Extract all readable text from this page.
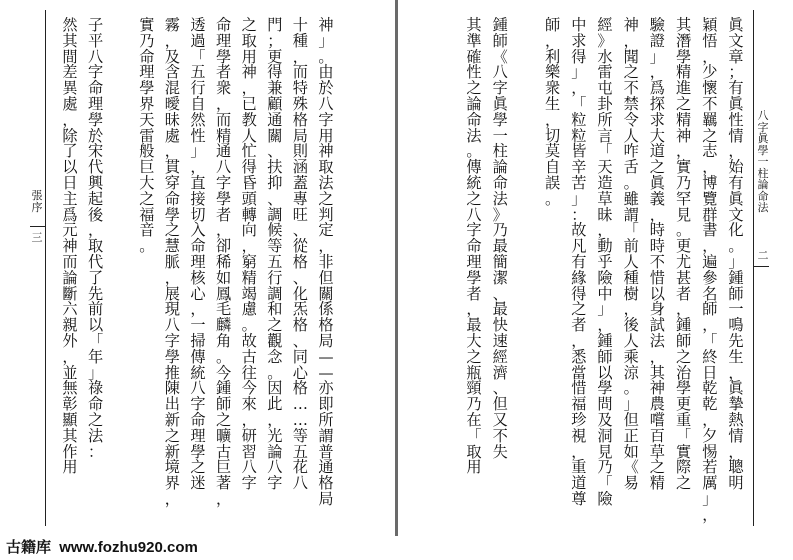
張
序
三
神
」
。
由
於
八
字
用
神
取
法
之
判
定
，
非
但
關
係
格
局
十
種
，
而
特
殊
格
局
則
涵
蓋
專
旺
、
從
格
、
化
炁
格
、
同
心
格
…
…
等
五
花
八
門
；
更
得
兼
顧
通
關
、
扶
抑
、
調
候
等
五
行
調
和
之
觀
念
。
因
此
，
光
論
八
字
之
取
用
神
，
已
教
人
忙
得
昏
頭
轉
向
，
窮
精
竭
慮
。
故
古
往
今
來
，
研
習
八
字
命
理
學
者
衆
，
而
精
通
八
字
學
者
，
卻
稀
如
鳳
毛
麟
角
。
今
鍾
師
之
曠
古
巨
著
，
透
過
「
五
行
自
然
性
」
，
直
接
切
入
命
理
核
心
，
一
掃
傳
統
八
字
命
理
學
之
迷
霧
，
及
含
混
曖
昧
處
，
貫
穿
命
學
之
慧
脈
，
展
現
八
字
學
推
陳
出
新
之
新
境
界
，
實
乃
命
理
學
界
天
雷
般
巨
大
之
福
音
。
子
平
八
字
命
理
學
於
宋
代
興
起
後
，
取
代
了
先
前
以
「
年
」
祿
命
之
法
：
然
其
間
差
異
處
，
除
了
以
日
主
爲
元
神
而
論
斷
六
親
外
，
並
無
彰
顯
其
作
用
—
—
亦
即
所
謂
普
通
格
局
八
字
眞
學
一
柱
論
命
法
二
眞
文
章
；
有
眞
性
情
，
始
有
眞
文
化
。
」
鍾
師
一
鳴
先
生
，
眞
摯
熱
情
，
聰
明
穎
悟
，
少
懷
不
羈
之
志
，
博
覽
群
書
，
遍
參
名
師
，
「
終
日
乾
乾
，
夕
惕
若
厲
」
，
其
潛
學
精
進
之
精
神
，
實
乃
罕
見
。
更
尤
甚
者
，
鍾
師
之
治
學
更
重
「
實
際
之
驗
證
」
，
爲
探
求
大
道
之
眞
義
，
時
時
不
惜
以
身
試
法
，
其
神
農
嚐
百
草
之
精
神
，
聞
之
不
禁
令
人
咋
舌
。
雖
謂
「
前
人
種
樹
，
後
人
乘
涼
。
」
但
正
如
《
易
經
》
水
雷
屯
卦
所
言
「
天
造
草
昧
，
動
乎
險
中
」
，
鍾
師
以
學
問
及
洞
見
乃
「
險
中
求
得
」
，
「
粒
粒
皆
辛
苦
」
：
故
凡
有
緣
得
之
者
，
悉
當
惜
福
珍
視
，
重
道
尊
師
，
利
樂
衆
生
，
切
莫
自
誤
。
鍾
師
《
八
字
眞
學
一
柱
論
命
法
》
乃
最
簡
潔
、
最
快
速
經
濟
、
但
又
不
失
其
準
確
性
之
論
命
法
。
傳
統
之
八
字
命
理
學
者
，
最
大
之
瓶
頸
乃
在
「
取
用
古籍库 www.fozhu920.com
